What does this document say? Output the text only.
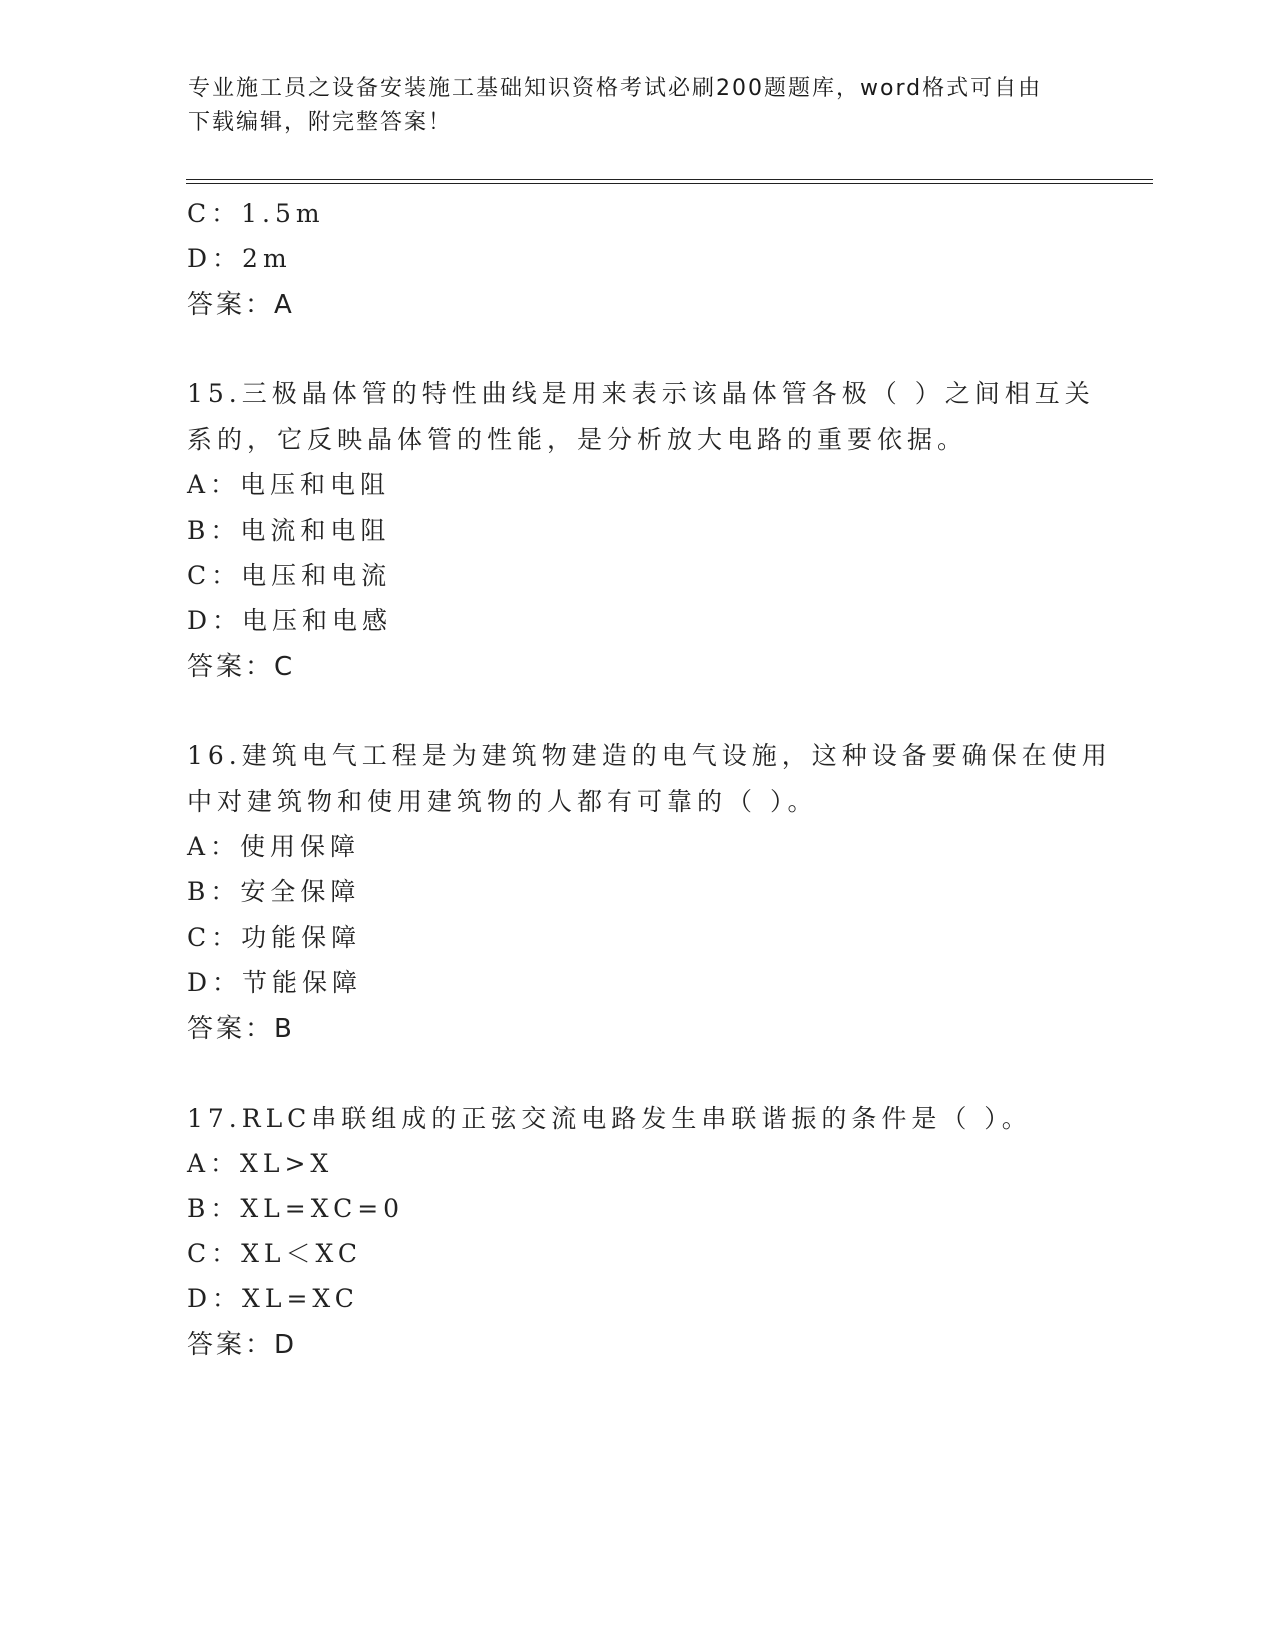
专业施工员之设备安装施工基础知识资格考试必刷200题题库，word格式可自由
下载编辑，附完整答案！
C：1.5m
D：2m
答案：A
15.三极晶体管的特性曲线是用来表示该晶体管各极（ ）之间相互关
系的，它反映晶体管的性能，是分析放大电路的重要依据。
A：电压和电阻
B：电流和电阻
C：电压和电流
D：电压和电感
答案：C
16.建筑电气工程是为建筑物建造的电气设施，这种设备要确保在使用
中对建筑物和使用建筑物的人都有可靠的（ ）。
A：使用保障
B：安全保障
C：功能保障
D：节能保障
答案：B
17.RLC串联组成的正弦交流电路发生串联谐振的条件是（ ）。
A：XL>X
B：XL=XC=0
C：XL＜XC
D：XL=XC
答案：D
